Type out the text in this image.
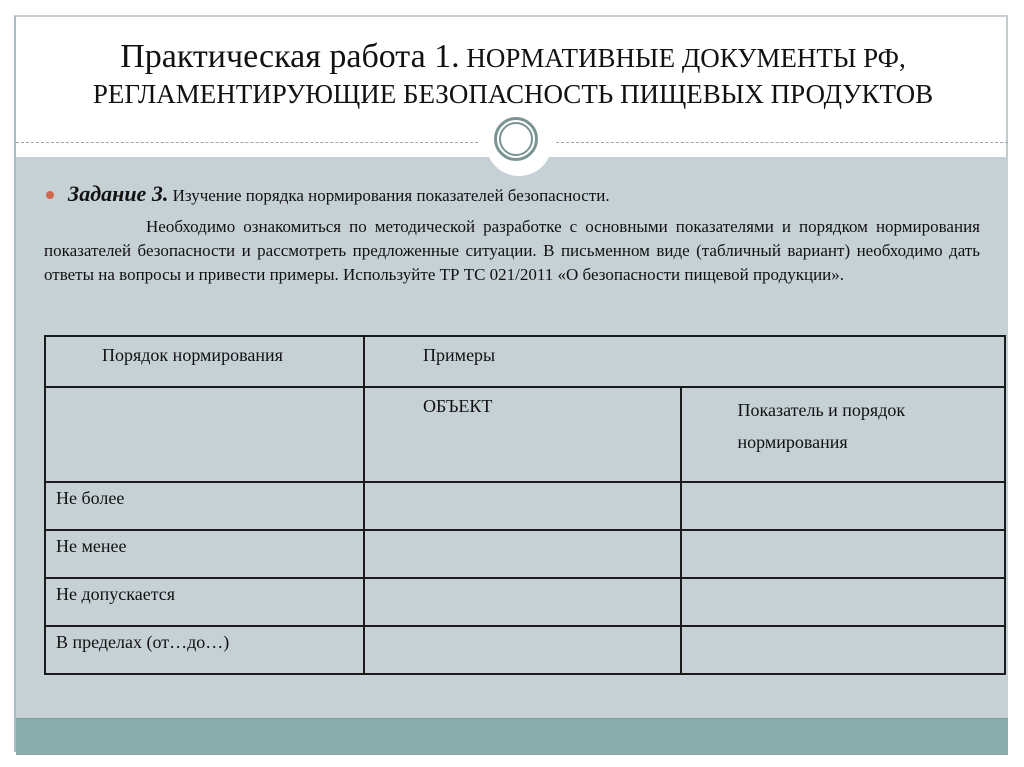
Практическая работа 1. НОРМАТИВНЫЕ ДОКУМЕНТЫ РФ,
РЕГЛАМЕНТИРУЮЩИЕ БЕЗОПАСНОСТЬ ПИЩЕВЫХ ПРОДУКТОВ
Задание 3. Изучение порядка нормирования показателей безопасности.
Необходимо ознакомиться по методической разработке с основными показателями и порядком нормирования показателей безопасности и рассмотреть предложенные ситуации. В письменном виде (табличный вариант) необходимо дать ответы на вопросы и привести примеры. Используйте ТР ТС 021/2011 «О безопасности пищевой продукции».
Порядок нормирования	Примеры	
	ОБЪЕКТ	Показатель и порядок нормирования
Не более		
Не менее		
Не допускается		
В пределах (от…до…)		
